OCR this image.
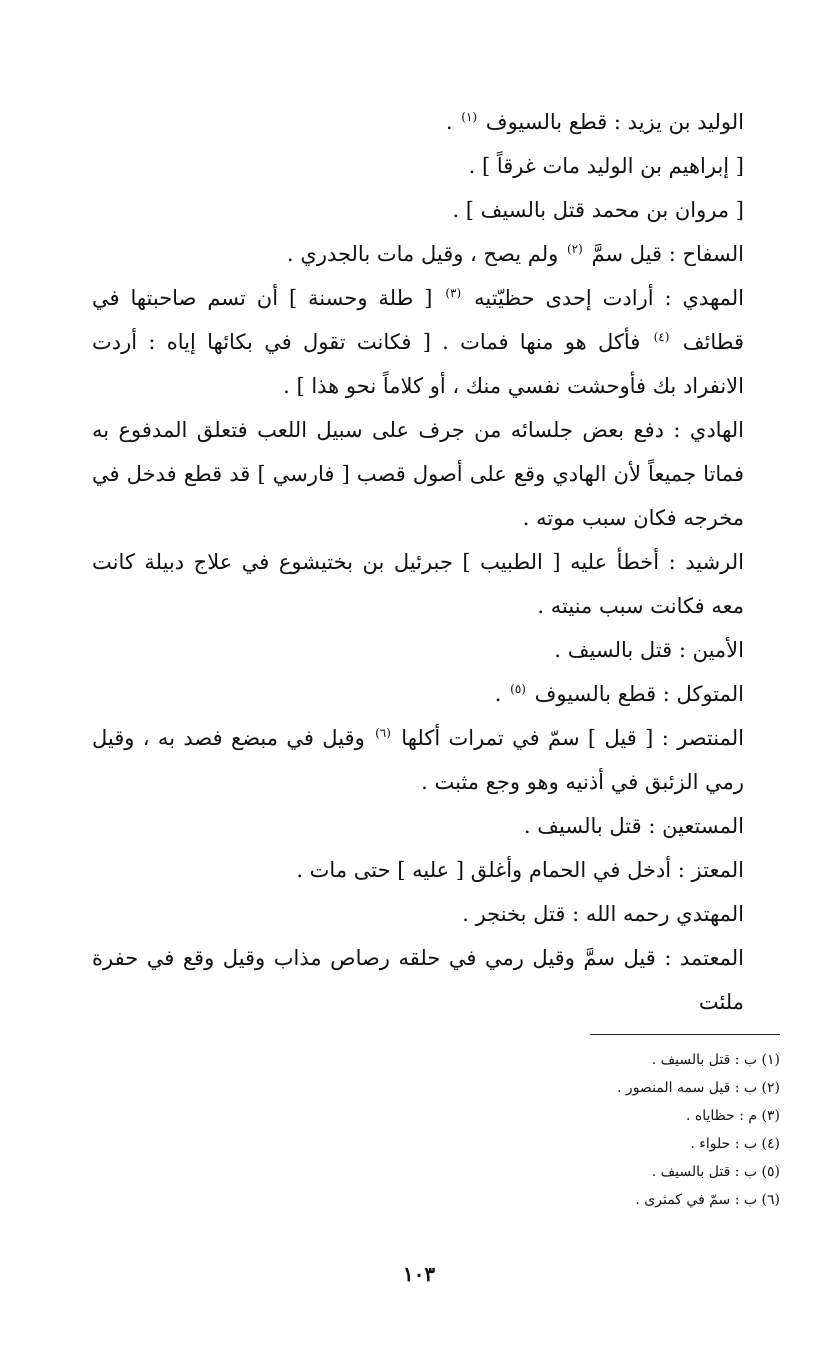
الوليد بن يزيد : قطع بالسيوف $^{(١)}$ .

[ إبراهيم بن الوليد مات غرقاً ] .

[ مروان بن محمد قتل بالسيف ] .

السفاح : قيل سمَّ $^{(٢)}$ ولم يصح ، وقيل مات بالجدري .

المهدي : أرادت إحدى حظيّتيه $^{(٣)}$ [ طلة وحسنة ] أن تسم صاحبتها في قطائف $^{(٤)}$ فأكل هو منها فمات . [ فكانت تقول في بكائها إياه : أردت الانفراد بك فأوحشت نفسي منك ، أو كلاماً نحو هذا ] .

الهادي : دفع بعض جلسائه من جرف على سبيل اللعب فتعلق المدفوع به فماتا جميعاً لأن الهادي وقع على أصول قصب [ فارسي ] قد قطع فدخل في مخرجه فكان سبب موته .

الرشيد : أخطأ عليه [ الطبيب ] جبرئيل بن بختيشوع في علاج دبيلة كانت معه فكانت سبب منيته .

الأمين : قتل بالسيف .

المتوكل : قطع بالسيوف $^{(٥)}$ .

المنتصر : [ قيل ] سمّ في تمرات أكلها $^{(٦)}$ وقيل في مبضع فصد به ، وقيل رمي الزئبق في أذنيه وهو وجع مثبت .

المستعين : قتل بالسيف .

المعتز : أدخل في الحمام وأغلق [ عليه ] حتى مات .

المهتدي رحمه الله : قتل بخنجر .

المعتمد : قيل سمَّ وقيل رمي في حلقه رصاص مذاب وقيل وقع في حفرة ملئت

(١) ب : قتل بالسيف .

(٢) ب : قيل سمه المنصور .

(٣) م : حظاياه .

(٤) ب : حلواء .

(٥) ب : قتل بالسيف .

(٦) ب : سمّ في كمثرى .

١٠٣
